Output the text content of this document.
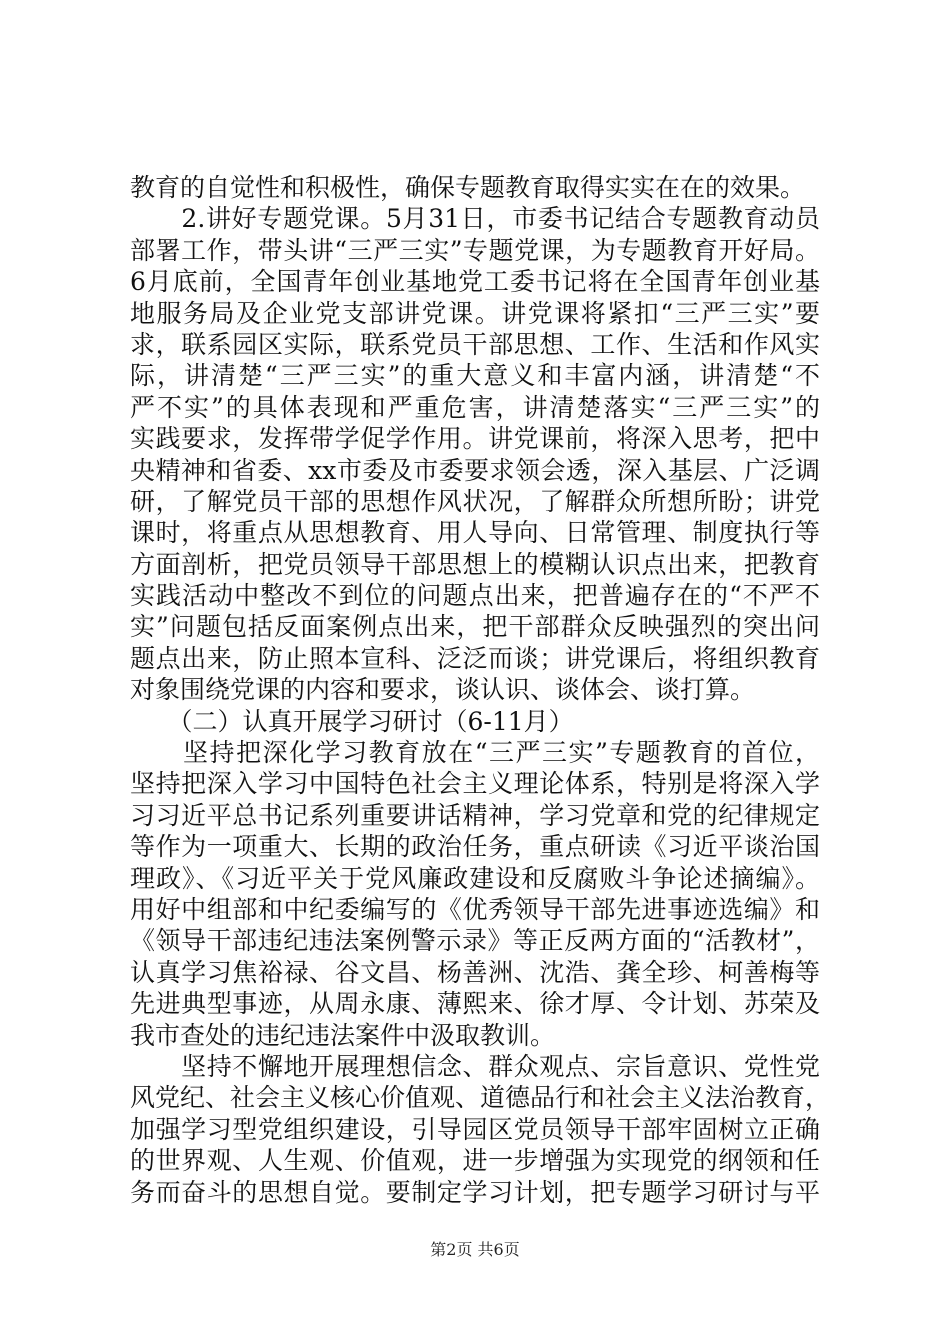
教育的自觉性和积极性，确保专题教育取得实实在在的效果。
　　2.讲好专题党课。5月31日，市委书记结合专题教育动员
部署工作，带头讲“三严三实”专题党课，为专题教育开好局。
6月底前，全国青年创业基地党工委书记将在全国青年创业基
地服务局及企业党支部讲党课。讲党课将紧扣“三严三实”要
求，联系园区实际，联系党员干部思想、工作、生活和作风实
际，讲清楚“三严三实”的重大意义和丰富内涵，讲清楚“不
严不实”的具体表现和严重危害，讲清楚落实“三严三实”的
实践要求，发挥带学促学作用。讲党课前，将深入思考，把中
央精神和省委、xx市委及市委要求领会透，深入基层、广泛调
研，了解党员干部的思想作风状况，了解群众所想所盼；讲党
课时，将重点从思想教育、用人导向、日常管理、制度执行等
方面剖析，把党员领导干部思想上的模糊认识点出来，把教育
实践活动中整改不到位的问题点出来，把普遍存在的“不严不
实”问题包括反面案例点出来，把干部群众反映强烈的突出问
题点出来，防止照本宣科、泛泛而谈；讲党课后，将组织教育
对象围绕党课的内容和要求，谈认识、谈体会、谈打算。
　　（二）认真开展学习研讨（6-11月）
　　坚持把深化学习教育放在“三严三实”专题教育的首位，
坚持把深入学习中国特色社会主义理论体系，特别是将深入学
习习近平总书记系列重要讲话精神，学习党章和党的纪律规定
等作为一项重大、长期的政治任务，重点研读《习近平谈治国
理政》、《习近平关于党风廉政建设和反腐败斗争论述摘编》。
用好中组部和中纪委编写的《优秀领导干部先进事迹选编》和
《领导干部违纪违法案例警示录》等正反两方面的“活教材”，
认真学习焦裕禄、谷文昌、杨善洲、沈浩、龚全珍、柯善梅等
先进典型事迹，从周永康、薄熙来、徐才厚、令计划、苏荣及
我市查处的违纪违法案件中汲取教训。
　　坚持不懈地开展理想信念、群众观点、宗旨意识、党性党
风党纪、社会主义核心价值观、道德品行和社会主义法治教育，
加强学习型党组织建设，引导园区党员领导干部牢固树立正确
的世界观、人生观、价值观，进一步增强为实现党的纲领和任
务而奋斗的思想自觉。要制定学习计划，把专题学习研讨与平
第2页 共6页
